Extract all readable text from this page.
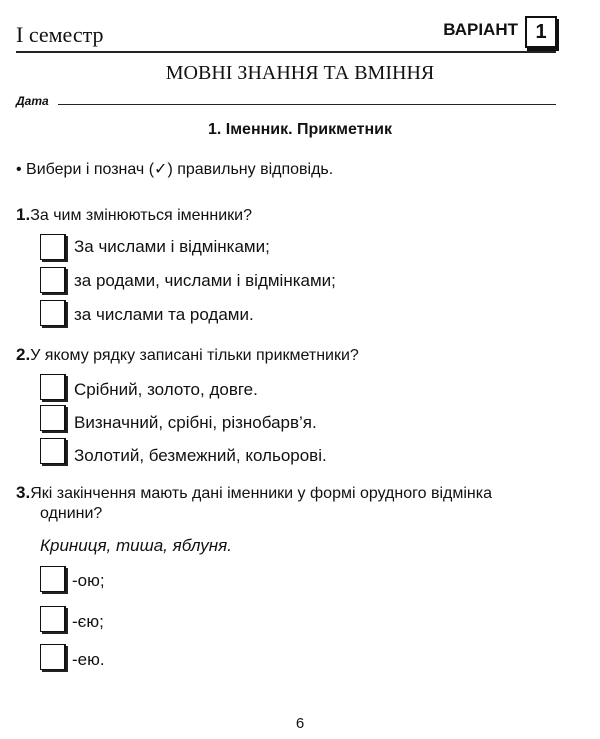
І семестр	ВАРІАНТ 1
МОВНІ ЗНАННЯ ТА ВМІННЯ
Дата
1. Іменник. Прикметник
• Вибери і познач (✓) правильну відповідь.
1.За чим змінюються іменники?
За числами і відмінками;
за родами, числами і відмінками;
за числами та родами.
2.У якому рядку записані тільки прикметники?
Срібний, золото, довге.
Визначний, срібні, різнобарв’я.
Золотий, безмежний, кольорові.
3.Які закінчення мають дані іменники у формі орудного відмінка
однини?
Криниця, тиша, яблуня.
-ою;
-єю;
-ею.
6
